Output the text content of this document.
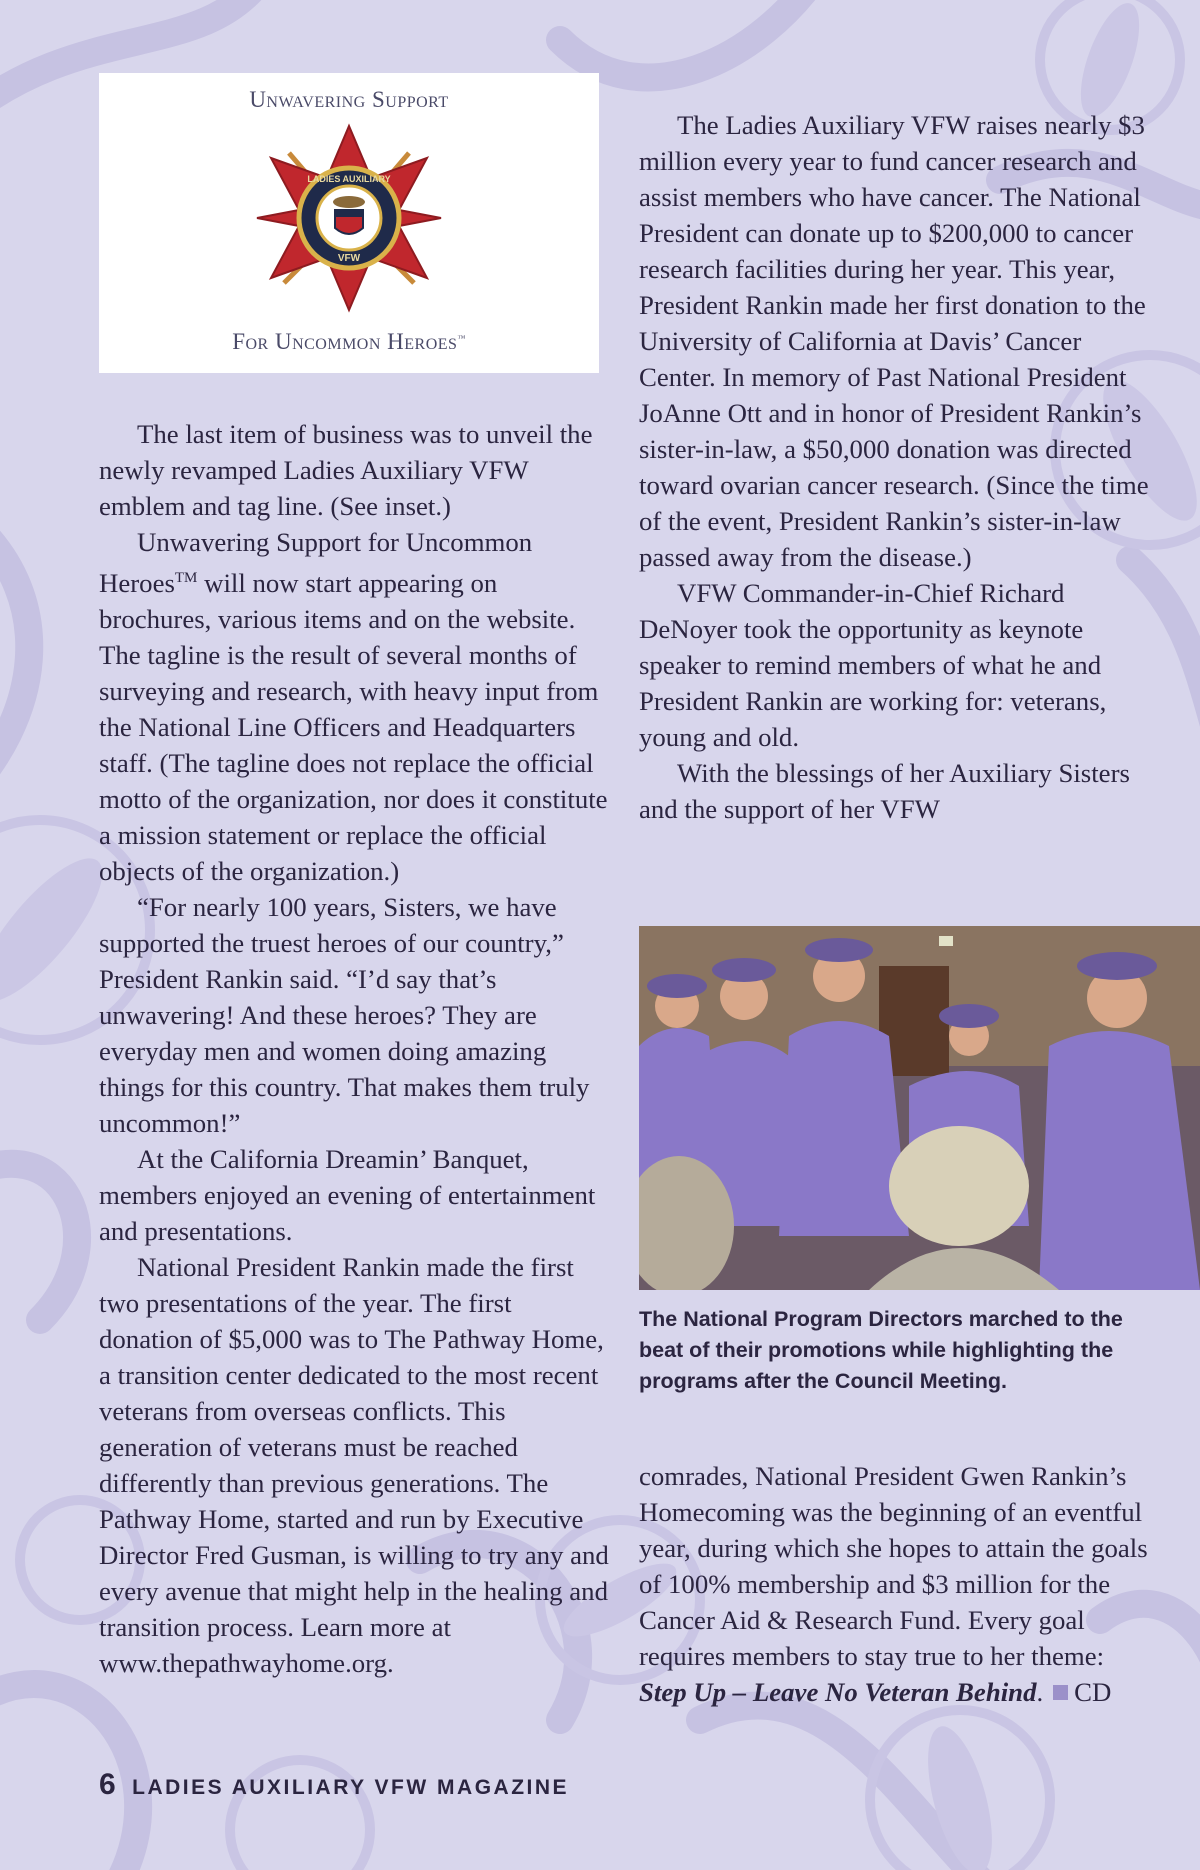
Unwavering Support
LADIES AUXILIARY
VFW
For Uncommon Heroes™

The last item of business was to unveil the newly revamped Ladies Auxiliary VFW emblem and tag line. (See inset.)

Unwavering Support for Uncommon Heroes™ will now start appearing on brochures, various items and on the website. The tagline is the result of several months of surveying and research, with heavy input from the National Line Officers and Headquarters staff. (The tagline does not replace the official motto of the organization, nor does it constitute a mission statement or replace the official objects of the organization.)

“For nearly 100 years, Sisters, we have supported the truest heroes of our country,” President Rankin said. “I’d say that’s unwavering! And these heroes? They are everyday men and women doing amazing things for this country. That makes them truly uncommon!”

At the California Dreamin’ Banquet, members enjoyed an evening of entertainment and presentations.

National President Rankin made the first two presentations of the year. The first donation of $5,000 was to The Pathway Home, a transition center dedicated to the most recent veterans from overseas conflicts. This generation of veterans must be reached differently than previous generations. The Pathway Home, started and run by Executive Director Fred Gusman, is willing to try any and every avenue that might help in the healing and transition process. Learn more at www.thepathwayhome.org.

The Ladies Auxiliary VFW raises nearly $3 million every year to fund cancer research and assist members who have cancer. The National President can donate up to $200,000 to cancer research facilities during her year. This year, President Rankin made her first donation to the University of California at Davis’ Cancer Center. In memory of Past National President JoAnne Ott and in honor of President Rankin’s sister-in-law, a $50,000 donation was directed toward ovarian cancer research. (Since the time of the event, President Rankin’s sister-in-law passed away from the disease.)

VFW Commander-in-Chief Richard DeNoyer took the opportunity as keynote speaker to remind members of what he and President Rankin are working for: veterans, young and old.

With the blessings of her Auxiliary Sisters and the support of her VFW

The National Program Directors marched to the beat of their promotions while highlighting the programs after the Council Meeting.

comrades, National President Gwen Rankin’s Homecoming was the beginning of an eventful year, during which she hopes to attain the goals of 100% membership and $3 million for the Cancer Aid & Research Fund. Every goal requires members to stay true to her theme: Step Up – Leave No Veteran Behind. CD

6 LADIES AUXILIARY VFW MAGAZINE
